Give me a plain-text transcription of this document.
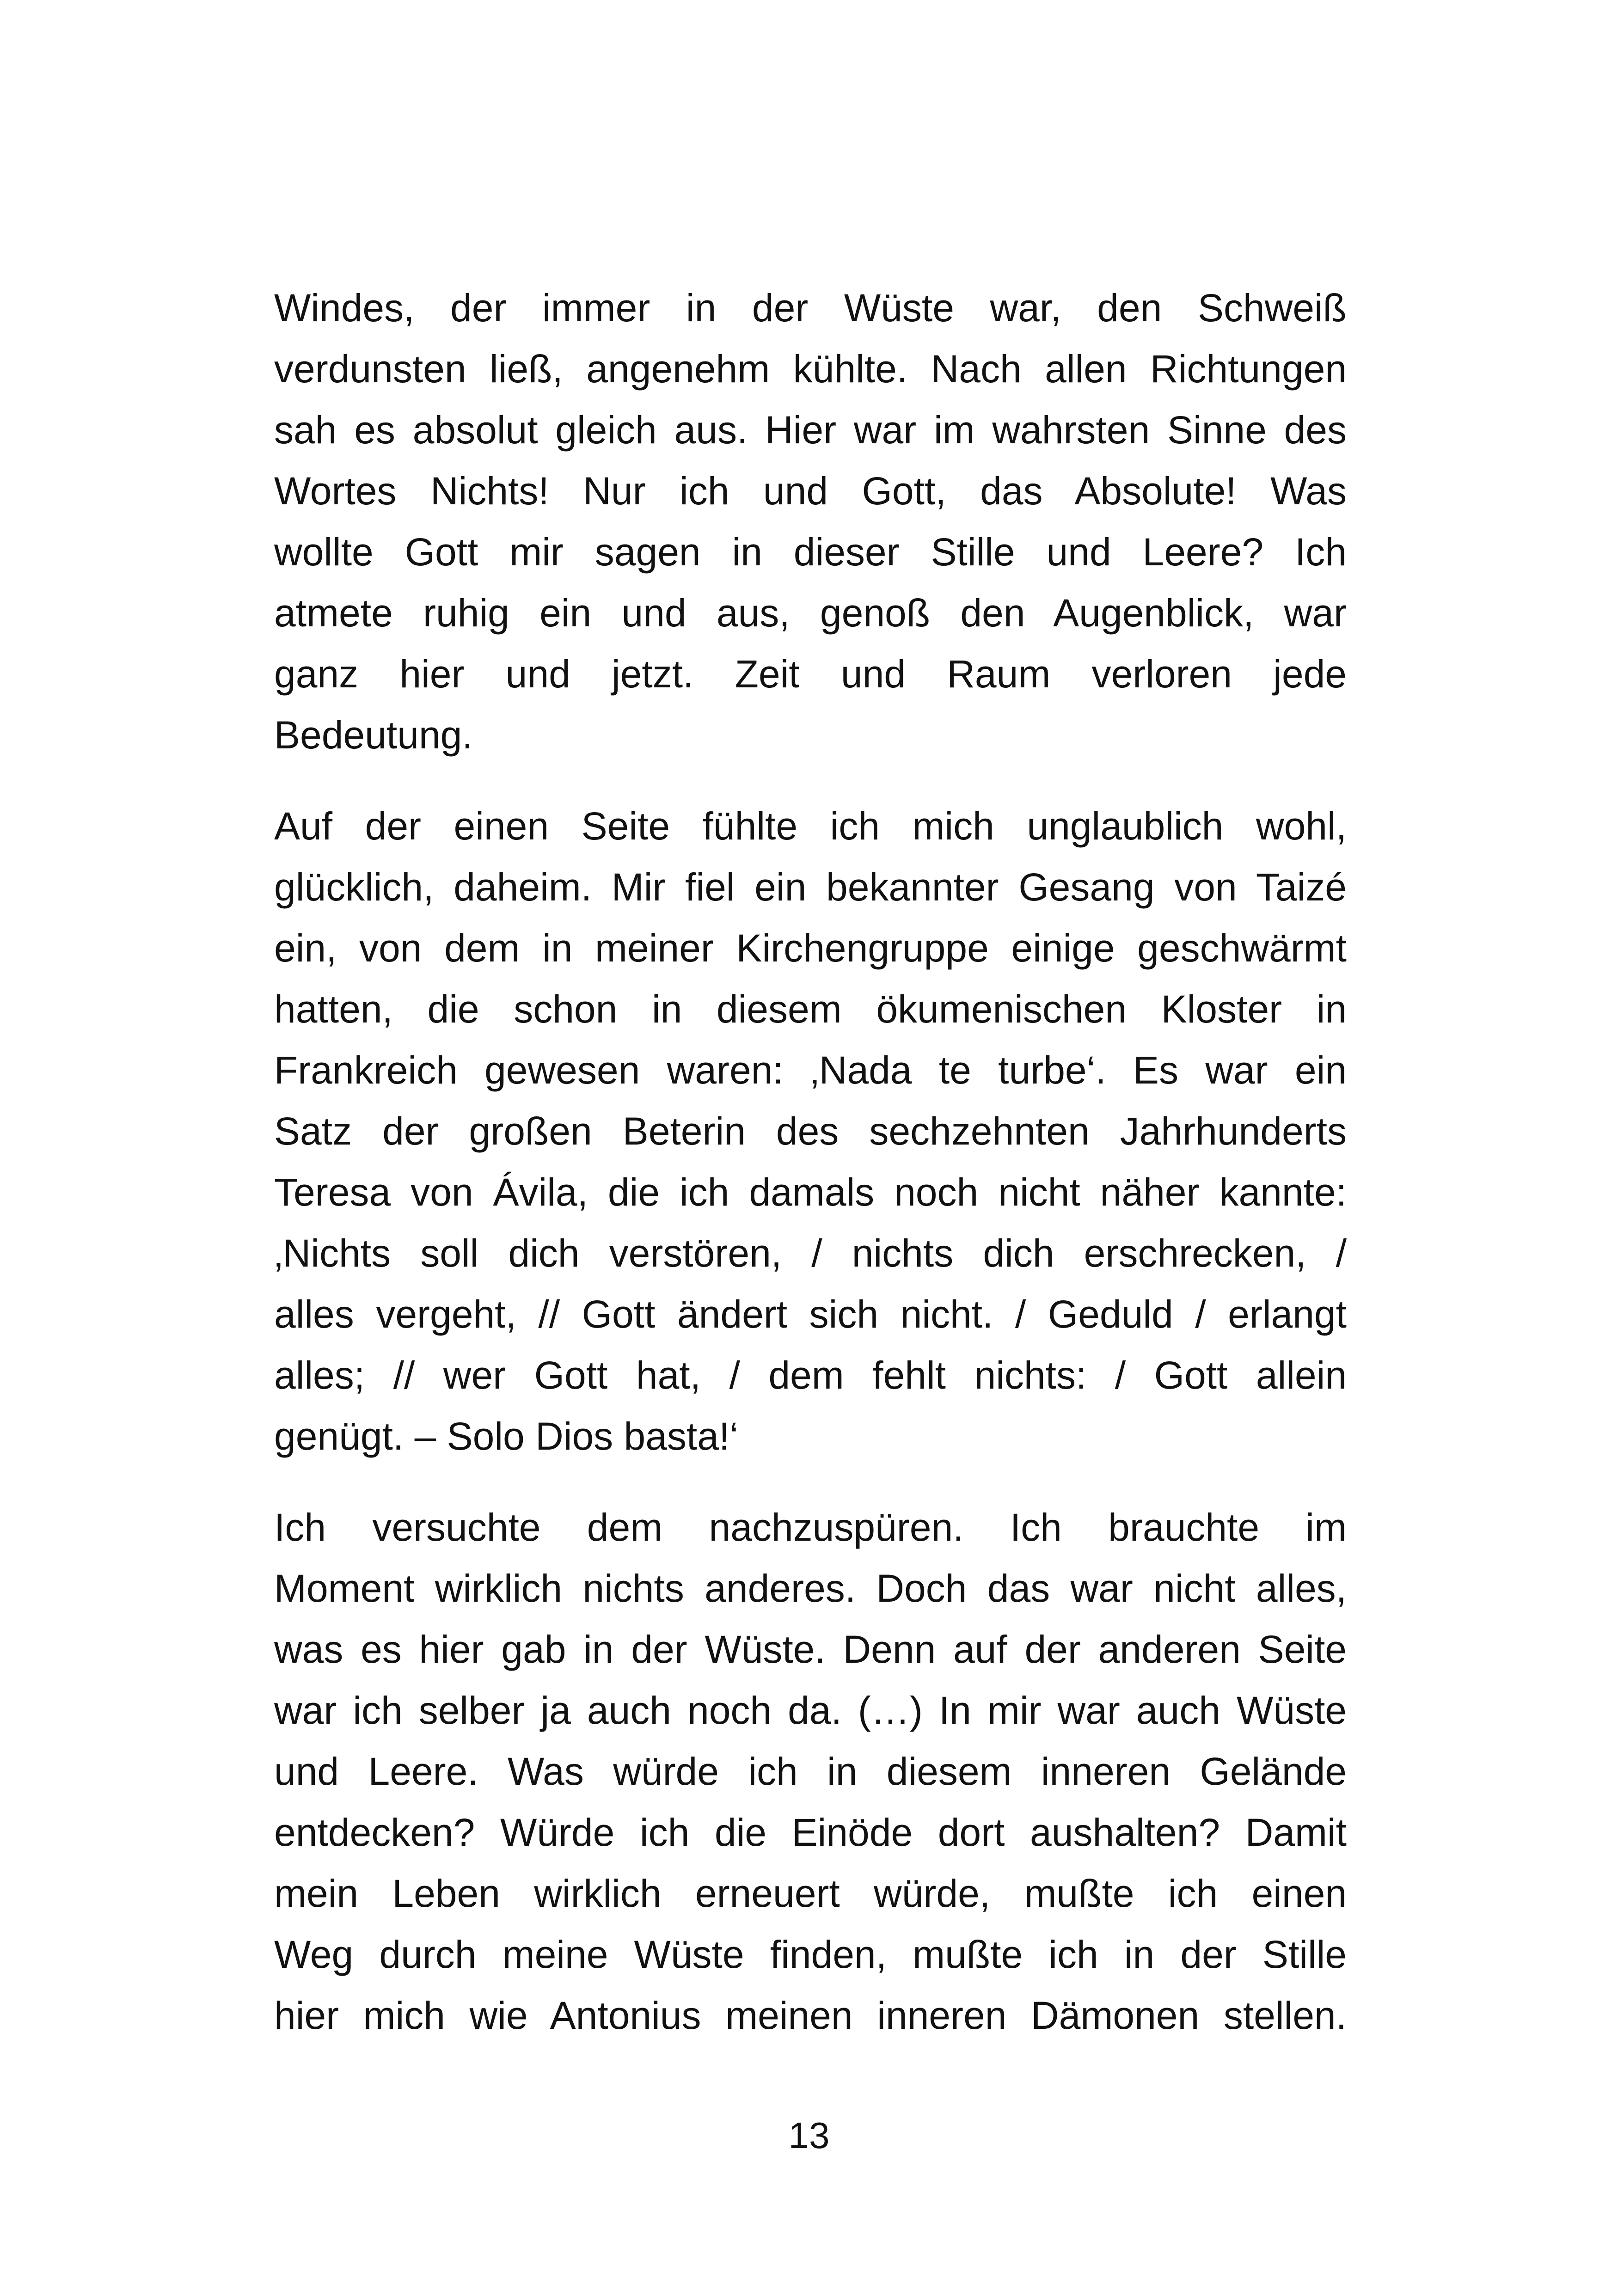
Windes, der immer in der Wüste war, den Schweiß
verdunsten ließ, angenehm kühlte. Nach allen Richtungen
sah es absolut gleich aus. Hier war im wahrsten Sinne des
Wortes Nichts! Nur ich und Gott, das Absolute! Was
wollte Gott mir sagen in dieser Stille und Leere? Ich
atmete ruhig ein und aus, genoß den Augenblick, war
ganz hier und jetzt. Zeit und Raum verloren jede
Bedeutung.

Auf der einen Seite fühlte ich mich unglaublich wohl,
glücklich, daheim. Mir fiel ein bekannter Gesang von Taizé
ein, von dem in meiner Kirchengruppe einige geschwärmt
hatten, die schon in diesem ökumenischen Kloster in
Frankreich gewesen waren: ‚Nada te turbe‘. Es war ein
Satz der großen Beterin des sechzehnten Jahrhunderts
Teresa von Ávila, die ich damals noch nicht näher kannte:
‚Nichts soll dich verstören, / nichts dich erschrecken, /
alles vergeht, // Gott ändert sich nicht. / Geduld / erlangt
alles; // wer Gott hat, / dem fehlt nichts: / Gott allein
genügt. – Solo Dios basta!‘

Ich versuchte dem nachzuspüren. Ich brauchte im
Moment wirklich nichts anderes. Doch das war nicht alles,
was es hier gab in der Wüste. Denn auf der anderen Seite
war ich selber ja auch noch da. (…) In mir war auch Wüste
und Leere. Was würde ich in diesem inneren Gelände
entdecken? Würde ich die Einöde dort aushalten? Damit
mein Leben wirklich erneuert würde, mußte ich einen
Weg durch meine Wüste finden, mußte ich in der Stille
hier mich wie Antonius meinen inneren Dämonen stellen.

13
